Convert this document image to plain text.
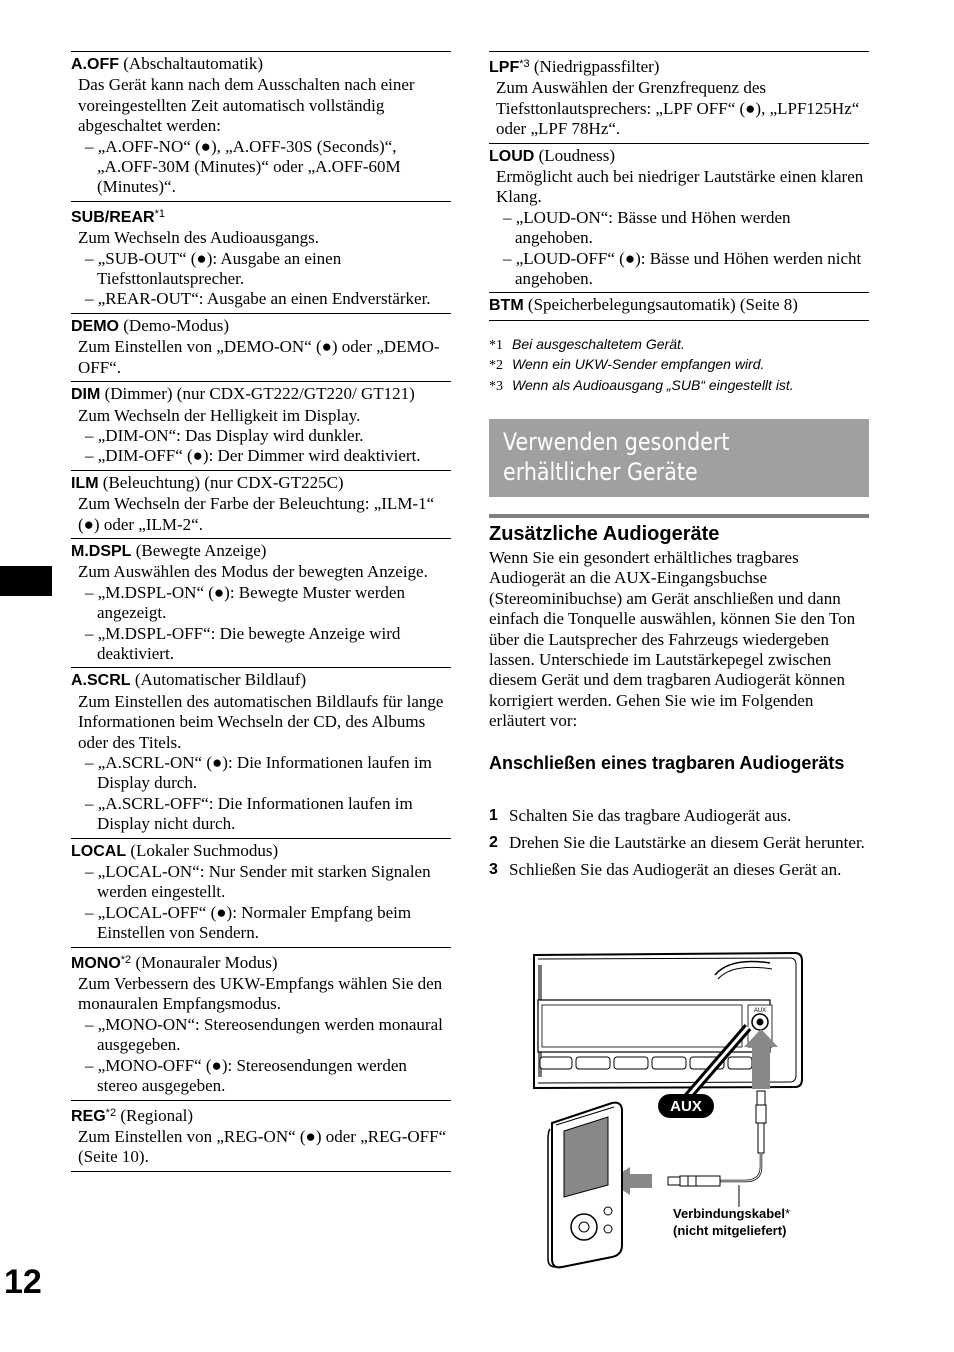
A.OFF (Abschaltautomatik)
Das Gerät kann nach dem Ausschalten nach einer voreingestellten Zeit automatisch vollständig abgeschaltet werden:
– „A.OFF-NO“ (●), „A.OFF-30S (Seconds)“, „A.OFF-30M (Minutes)“ oder „A.OFF-60M (Minutes)“.
SUB/REAR$^{*1}$
Zum Wechseln des Audioausgangs.
– „SUB-OUT“ (●): Ausgabe an einen Tiefsttonlautsprecher.
– „REAR-OUT“: Ausgabe an einen Endverstärker.
DEMO (Demo-Modus)
Zum Einstellen von „DEMO-ON“ (●) oder „DEMO-OFF“.
DIM (Dimmer) (nur CDX-GT222/GT220/ GT121)
Zum Wechseln der Helligkeit im Display.
– „DIM-ON“: Das Display wird dunkler.
– „DIM-OFF“ (●): Der Dimmer wird deaktiviert.
ILM (Beleuchtung) (nur CDX-GT225C)
Zum Wechseln der Farbe der Beleuchtung: „ILM-1“ (●) oder „ILM-2“.
M.DSPL (Bewegte Anzeige)
Zum Auswählen des Modus der bewegten Anzeige.
– „M.DSPL-ON“ (●): Bewegte Muster werden angezeigt.
– „M.DSPL-OFF“: Die bewegte Anzeige wird deaktiviert.
A.SCRL (Automatischer Bildlauf)
Zum Einstellen des automatischen Bildlaufs für lange Informationen beim Wechseln der CD, des Albums oder des Titels.
– „A.SCRL-ON“ (●): Die Informationen laufen im Display durch.
– „A.SCRL-OFF“: Die Informationen laufen im Display nicht durch.
LOCAL (Lokaler Suchmodus)
– „LOCAL-ON“: Nur Sender mit starken Signalen werden eingestellt.
– „LOCAL-OFF“ (●): Normaler Empfang beim Einstellen von Sendern.
MONO$^{*2}$ (Monauraler Modus)
Zum Verbessern des UKW-Empfangs wählen Sie den monauralen Empfangsmodus.
– „MONO-ON“: Stereosendungen werden monaural ausgegeben.
– „MONO-OFF“ (●): Stereosendungen werden stereo ausgegeben.
REG$^{*2}$ (Regional)
Zum Einstellen von „REG-ON“ (●) oder „REG-OFF“ (Seite 10).
LPF$^{*3}$ (Niedrigpassfilter)
Zum Auswählen der Grenzfrequenz des Tiefsttonlautsprechers: „LPF OFF“ (●), „LPF125Hz“ oder „LPF 78Hz“.
LOUD (Loudness)
Ermöglicht auch bei niedriger Lautstärke einen klaren Klang.
– „LOUD-ON“: Bässe und Höhen werden angehoben.
– „LOUD-OFF“ (●): Bässe und Höhen werden nicht angehoben.
BTM (Speicherbelegungsautomatik) (Seite 8)
*1 Bei ausgeschaltetem Gerät.
*2 Wenn ein UKW-Sender empfangen wird.
*3 Wenn als Audioausgang „SUB“ eingestellt ist.
Verwenden gesondert
erhältlicher Geräte
Zusätzliche Audiogeräte
Wenn Sie ein gesondert erhältliches tragbares Audiogerät an die AUX-Eingangsbuchse (Stereominibuchse) am Gerät anschließen und dann einfach die Tonquelle auswählen, können Sie den Ton über die Lautsprecher des Fahrzeugs wiedergeben lassen. Unterschiede im Lautstärkepegel zwischen diesem Gerät und dem tragbaren Audiogerät können korrigiert werden. Gehen Sie wie im Folgenden erläutert vor:
Anschließen eines tragbaren Audiogeräts
1 Schalten Sie das tragbare Audiogerät aus.
2 Drehen Sie die Lautstärke an diesem Gerät herunter.
3 Schließen Sie das Audiogerät an dieses Gerät an.
AUX
AUX
Verbindungskabel*
(nicht mitgeliefert)
12
